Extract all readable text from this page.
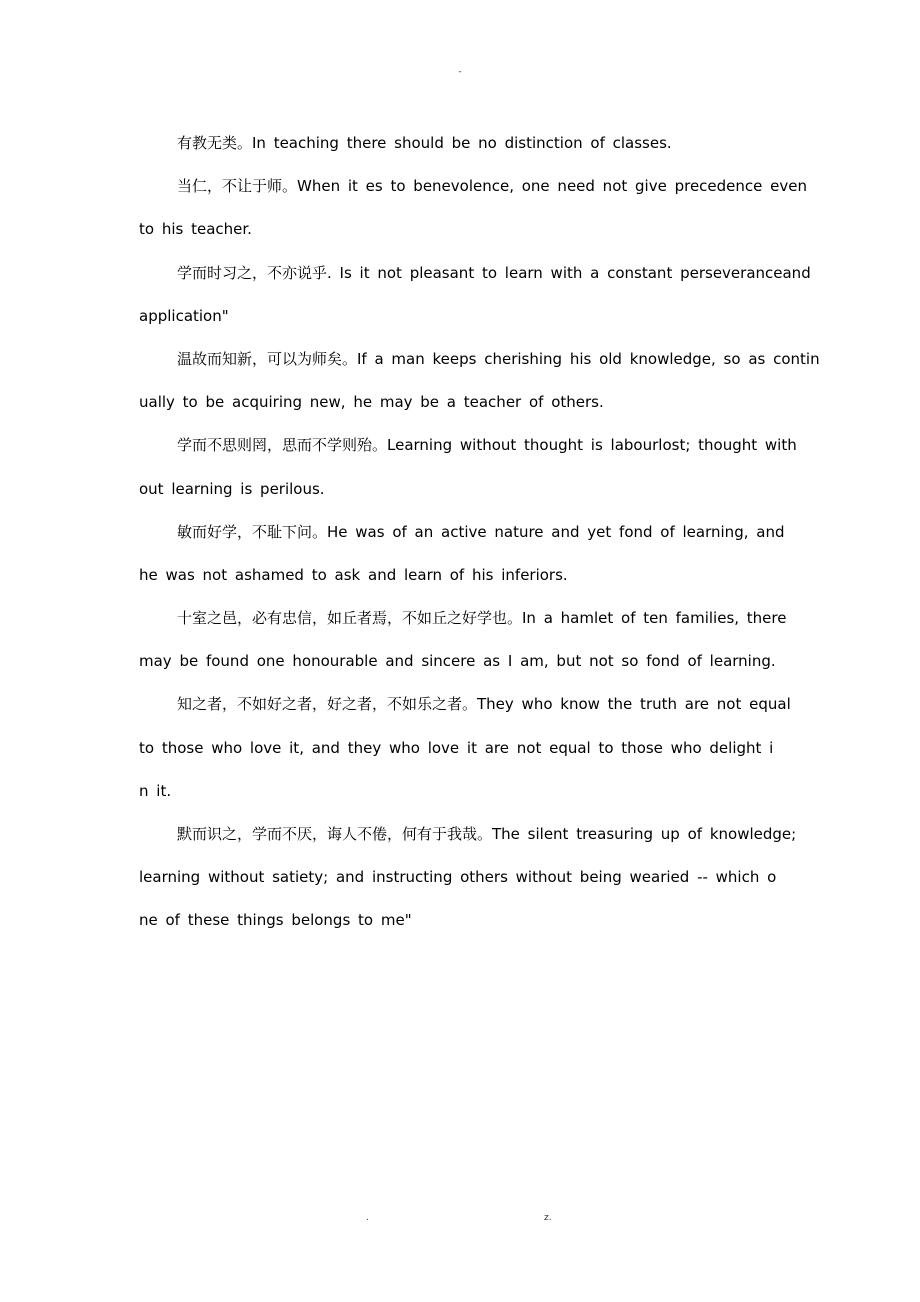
-
有教无类。In teaching there should be no distinction of classes.
当仁，不让于师。When it es to benevolence, one need not give precedence even
to his teacher.
学而时习之，不亦说乎. Is it not pleasant to learn with a constant perseveranceand
application"
温故而知新，可以为师矣。If a man keeps cherishing his old knowledge, so as contin
ually to be acquiring new, he may be a teacher of others.
学而不思则罔，思而不学则殆。Learning without thought is labourlost; thought with
out learning is perilous.
敏而好学，不耻下问。He was of an active nature and yet fond of learning, and
he was not ashamed to ask and learn of his inferiors.
十室之邑，必有忠信，如丘者焉，不如丘之好学也。In a hamlet of ten families, there
may be found one honourable and sincere as I am, but not so fond of learning.
知之者，不如好之者，好之者，不如乐之者。They who know the truth are not equal
to those who love it, and they who love it are not equal to those who delight i
n it.
默而识之，学而不厌，诲人不倦，何有于我哉。The silent treasuring up of knowledge;
learning without satiety; and instructing others without being wearied -- which o
ne of these things belongs to me"
.	z.
